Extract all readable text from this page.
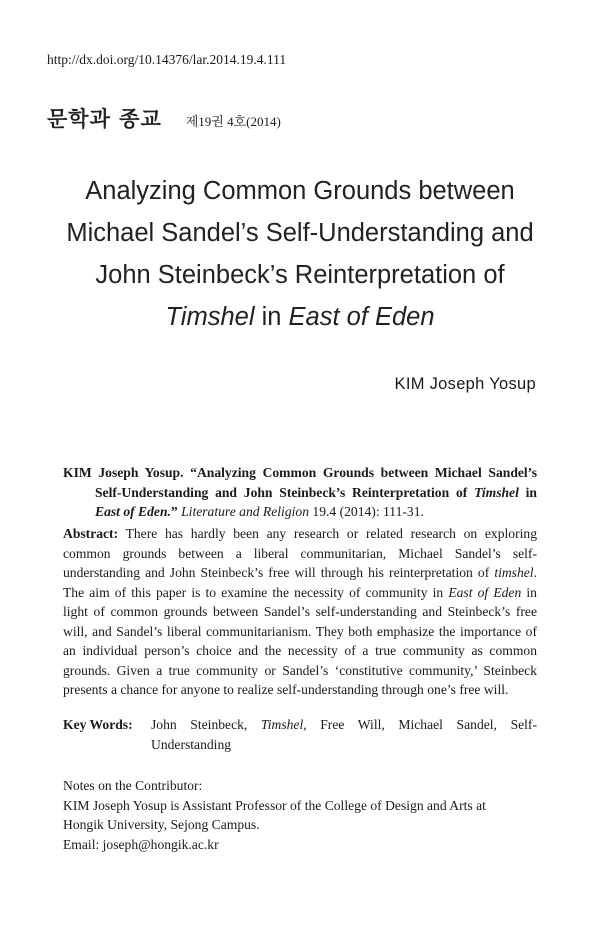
http://dx.doi.org/10.14376/lar.2014.19.4.111
문학과 종교 제19권 4호(2014)
Analyzing Common Grounds between
Michael Sandel’s Self-Understanding and
John Steinbeck’s Reinterpretation of
Timshel in East of Eden
KIM Joseph Yosup
KIM Joseph Yosup. “Analyzing Common Grounds between Michael Sandel’s Self-Understanding and John Steinbeck’s Reinterpretation of Timshel in East of Eden.” Literature and Religion 19.4 (2014): 111-31.
Abstract: There has hardly been any research or related research on exploring common grounds between a liberal communitarian, Michael Sandel’s self-understanding and John Steinbeck’s free will through his reinterpretation of timshel. The aim of this paper is to examine the necessity of community in East of Eden in light of common grounds between Sandel’s self-understanding and Steinbeck’s free will, and Sandel’s liberal communitarianism. They both emphasize the importance of an individual person’s choice and the necessity of a true community as common grounds. Given a true community or Sandel’s ‘constitutive community,’ Steinbeck presents a chance for anyone to realize self-understanding through one’s free will.
Key Words:	John Steinbeck, Timshel, Free Will, Michael Sandel, Self-Understanding

Notes on the Contributor:

KIM Joseph Yosup is Assistant Professor of the College of Design and Arts at

Hongik University, Sejong Campus.

Email: joseph@hongik.ac.kr
